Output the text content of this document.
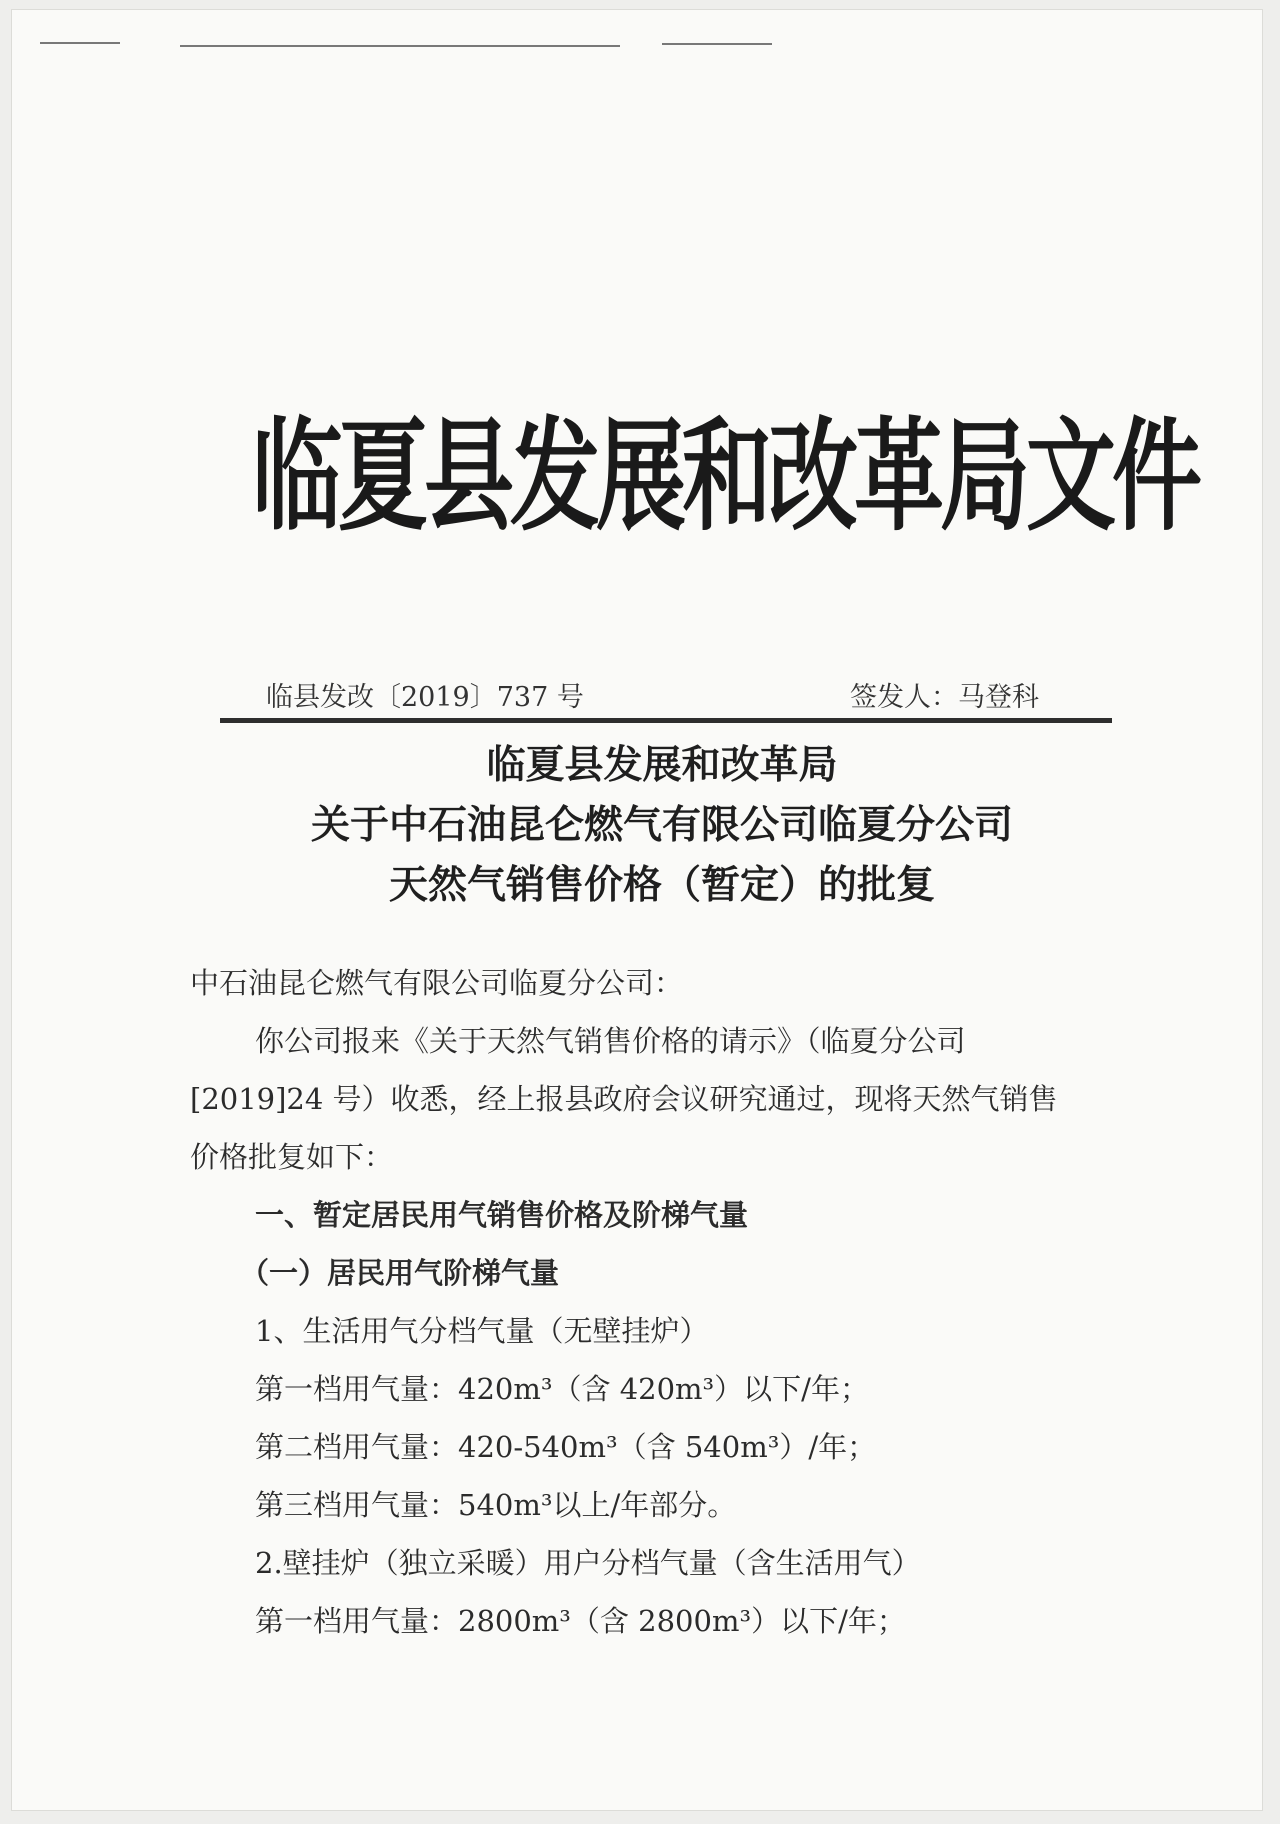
临夏县发展和改革局文件
临县发改〔2019〕737 号	签发人：马登科
临夏县发展和改革局
关于中石油昆仑燃气有限公司临夏分公司
天然气销售价格（暂定）的批复
中石油昆仑燃气有限公司临夏分公司：
你公司报来《关于天然气销售价格的请示》（临夏分公司
[2019]24 号）收悉，经上报县政府会议研究通过，现将天然气销售
价格批复如下：
一、暂定居民用气销售价格及阶梯气量
（一）居民用气阶梯气量
1、生活用气分档气量（无壁挂炉）
第一档用气量：420m³（含 420m³）以下/年；
第二档用气量：420-540m³（含 540m³）/年；
第三档用气量：540m³以上/年部分。
2.壁挂炉（独立采暖）用户分档气量（含生活用气）
第一档用气量：2800m³（含 2800m³）以下/年；
